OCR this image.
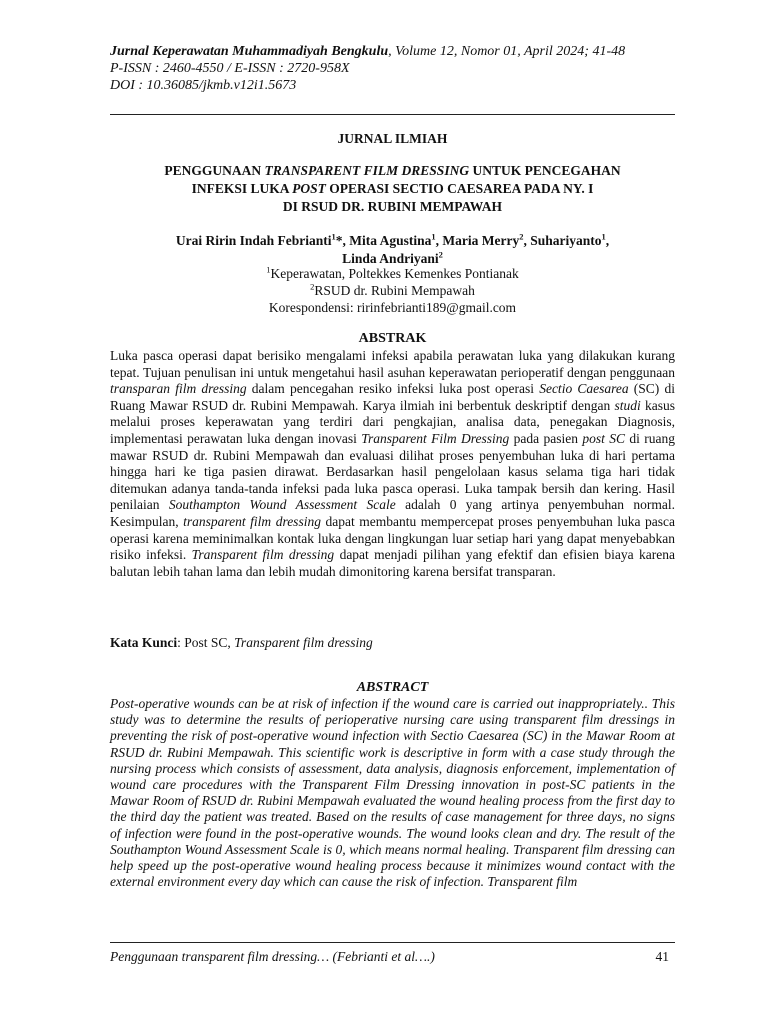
Jurnal Keperawatan Muhammadiyah Bengkulu, Volume 12, Nomor 01, April 2024; 41-48
P-ISSN : 2460-4550 / E-ISSN : 2720-958X
DOI : 10.36085/jkmb.v12i1.5673
JURNAL ILMIAH
PENGGUNAAN TRANSPARENT FILM DRESSING UNTUK PENCEGAHAN
INFEKSI LUKA POST OPERASI SECTIO CAESAREA PADA NY. I
DI RSUD DR. RUBINI MEMPAWAH
Urai Ririn Indah Febrianti$^1$*, Mita Agustina$^1$, Maria Merry$^2$, Suhariyanto$^1$,
Linda Andriyani$^2$
$^1$Keperawatan, Poltekkes Kemenkes Pontianak
$^2$RSUD dr. Rubini Mempawah
Korespondensi: ririnfebrianti189@gmail.com
ABSTRAK
Luka pasca operasi dapat berisiko mengalami infeksi apabila perawatan luka yang dilakukan kurang tepat. Tujuan penulisan ini untuk mengetahui hasil asuhan keperawatan perioperatif dengan penggunaan transparan film dressing dalam pencegahan resiko infeksi luka post operasi Sectio Caesarea (SC) di Ruang Mawar RSUD dr. Rubini Mempawah. Karya ilmiah ini berbentuk deskriptif dengan studi kasus melalui proses keperawatan yang terdiri dari pengkajian, analisa data, penegakan Diagnosis, implementasi perawatan luka dengan inovasi Transparent Film Dressing pada pasien post SC di ruang mawar RSUD dr. Rubini Mempawah dan evaluasi dilihat proses penyembuhan luka di hari pertama hingga hari ke tiga pasien dirawat. Berdasarkan hasil pengelolaan kasus selama tiga hari tidak ditemukan adanya tanda-tanda infeksi pada luka pasca operasi. Luka tampak bersih dan kering. Hasil penilaian Southampton Wound Assessment Scale adalah 0 yang artinya penyembuhan normal. Kesimpulan, transparent film dressing dapat membantu mempercepat proses penyembuhan luka pasca operasi karena meminimalkan kontak luka dengan lingkungan luar setiap hari yang dapat menyebabkan risiko infeksi. Transparent film dressing dapat menjadi pilihan yang efektif dan efisien biaya karena balutan lebih tahan lama dan lebih mudah dimonitoring karena bersifat transparan.
Kata Kunci: Post SC, Transparent film dressing
ABSTRACT
Post-operative wounds can be at risk of infection if the wound care is carried out inappropriately.. This study was to determine the results of perioperative nursing care using transparent film dressings in preventing the risk of post-operative wound infection with Sectio Caesarea (SC) in the Mawar Room at RSUD dr. Rubini Mempawah. This scientific work is descriptive in form with a case study through the nursing process which consists of assessment, data analysis, diagnosis enforcement, implementation of wound care procedures with the Transparent Film Dressing innovation in post-SC patients in the Mawar Room of RSUD dr. Rubini Mempawah evaluated the wound healing process from the first day to the third day the patient was treated. Based on the results of case management for three days, no signs of infection were found in the post-operative wounds. The wound looks clean and dry. The result of the Southampton Wound Assessment Scale is 0, which means normal healing. Transparent film dressing can help speed up the post-operative wound healing process because it minimizes wound contact with the external environment every day which can cause the risk of infection. Transparent film
Penggunaan transparent film dressing… (Febrianti et al….)	41
